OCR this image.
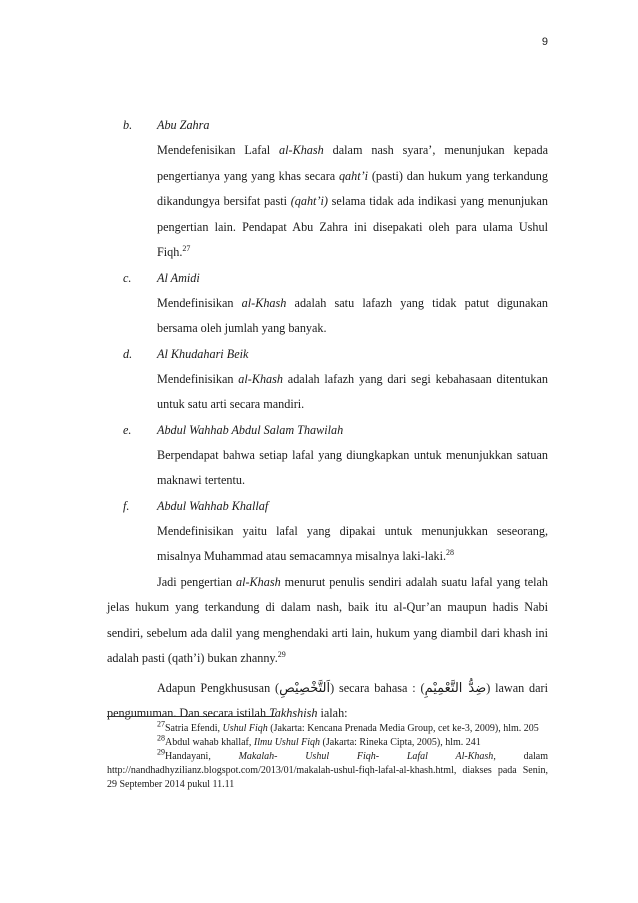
9
b. Abu Zahra
Mendefenisikan Lafal al-Khash dalam nash syara’, menunjukan kepada pengertianya yang yang khas secara qaht’i (pasti) dan hukum yang terkandung dikandungya bersifat pasti (qaht’i) selama tidak ada indikasi yang menunjukan pengertian lain. Pendapat Abu Zahra ini disepakati oleh para ulama Ushul Fiqh.$^{27}$
c. Al Amidi
Mendefinisikan al-Khash adalah satu lafazh yang tidak patut digunakan bersama oleh jumlah yang banyak.
d. Al Khudahari Beik
Mendefinisikan al-Khash adalah lafazh yang dari segi kebahasaan ditentukan untuk satu arti secara mandiri.
e. Abdul Wahhab Abdul Salam Thawilah
Berpendapat bahwa setiap lafal yang diungkapkan untuk menunjukkan satuan maknawi tertentu.
f. Abdul Wahhab Khallaf
Mendefinisikan yaitu lafal yang dipakai untuk menunjukkan seseorang, misalnya Muhammad atau semacamnya misalnya laki-laki.$^{28}$
Jadi pengertian al-Khash menurut penulis sendiri adalah suatu lafal yang telah jelas hukum yang terkandung di dalam nash, baik itu al-Qur’an maupun hadis Nabi sendiri, sebelum ada dalil yang menghendaki arti lain, hukum yang diambil dari khash ini adalah pasti (qath’i) bukan zhanny.$^{29}$
Adapun Pengkhususan (اَلتَّخْصِيْصِ) secara bahasa : (ضِدُّ التَّعْمِيْمِ) lawan dari pengumuman. Dan secara istilah Takhshish ialah:
$^{27}$Satria Efendi, Ushul Fiqh (Jakarta: Kencana Prenada Media Group, cet ke-3, 2009), hlm. 205
$^{28}$Abdul wahab khallaf, Ilmu Ushul Fiqh (Jakarta: Rineka Cipta, 2005), hlm. 241
$^{29}$Handayani, Makalah- Ushul Fiqh- Lafal Al-Khash, dalam http://nandhadhyzilianz.blogspot.com/2013/01/makalah-ushul-fiqh-lafal-al-khash.html, diakses pada Senin, 29 September 2014 pukul 11.11
